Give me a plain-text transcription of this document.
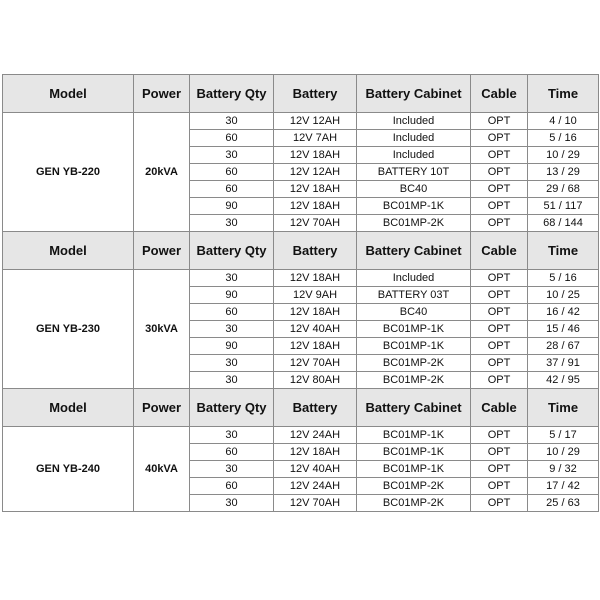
Model	Power	Battery Qty	Battery	Battery Cabinet	Cable	Time
GEN YB-220	20kVA	30	12V 12AH	Included	OPT	4 / 10
		60	12V 7AH	Included	OPT	5 / 16
		30	12V 18AH	Included	OPT	10 / 29
		60	12V 12AH	BATTERY 10T	OPT	13 / 29
		60	12V 18AH	BC40	OPT	29 / 68
		90	12V 18AH	BC01MP-1K	OPT	51 / 117
		30	12V 70AH	BC01MP-2K	OPT	68 / 144
Model	Power	Battery Qty	Battery	Battery Cabinet	Cable	Time
GEN YB-230	30kVA	30	12V 18AH	Included	OPT	5 / 16
		90	12V 9AH	BATTERY 03T	OPT	10 / 25
		60	12V 18AH	BC40	OPT	16 / 42
		30	12V 40AH	BC01MP-1K	OPT	15 / 46
		90	12V 18AH	BC01MP-1K	OPT	28 / 67
		30	12V 70AH	BC01MP-2K	OPT	37 / 91
		30	12V 80AH	BC01MP-2K	OPT	42 / 95
Model	Power	Battery Qty	Battery	Battery Cabinet	Cable	Time
GEN YB-240	40kVA	30	12V 24AH	BC01MP-1K	OPT	5 / 17
		60	12V 18AH	BC01MP-1K	OPT	10 / 29
		30	12V 40AH	BC01MP-1K	OPT	9 / 32
		60	12V 24AH	BC01MP-2K	OPT	17 / 42
		30	12V 70AH	BC01MP-2K	OPT	25 / 63
